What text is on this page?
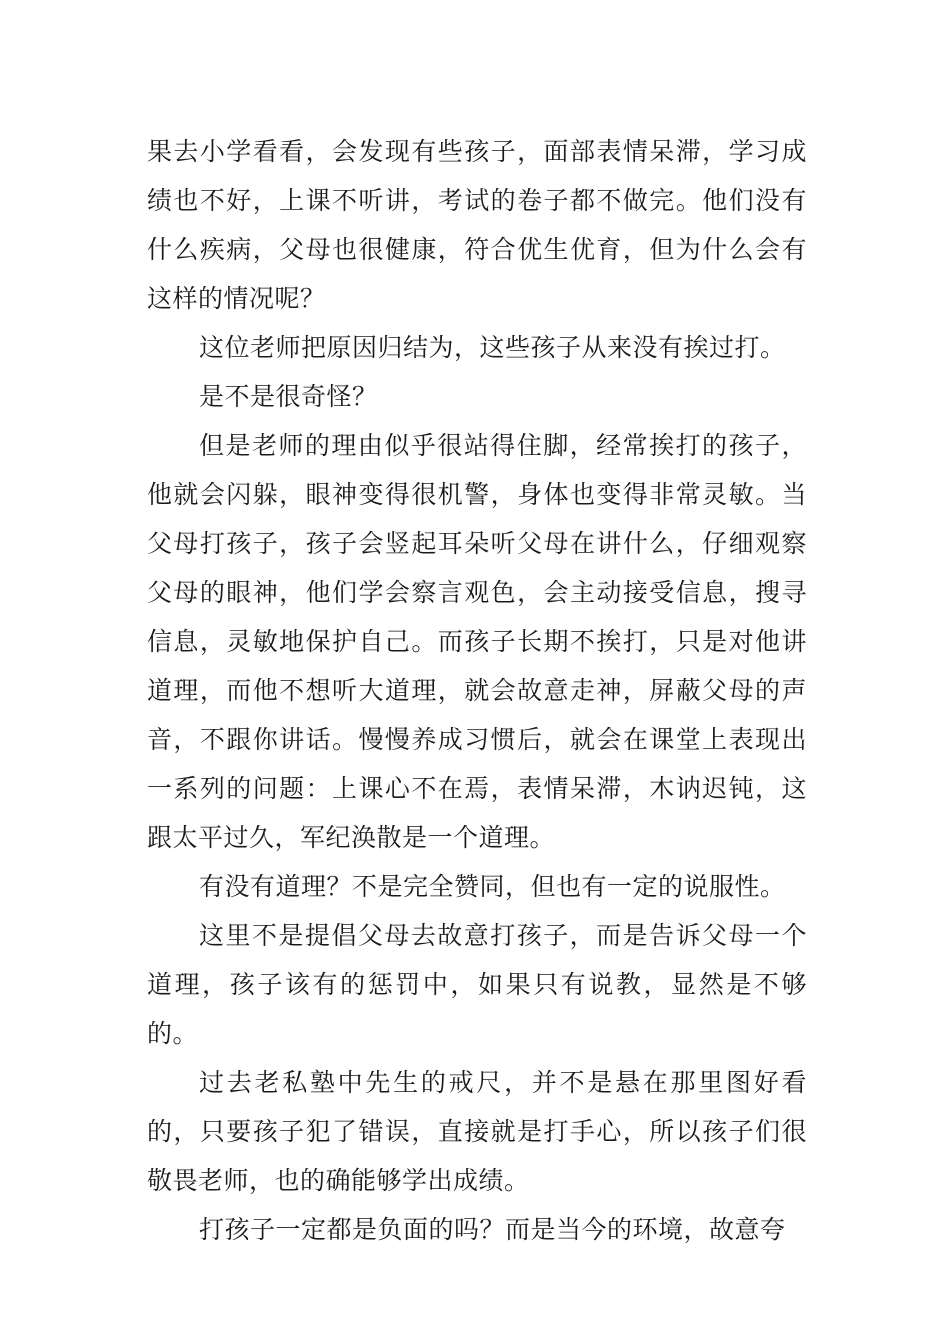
果去小学看看，会发现有些孩子，面部表情呆滞，学习成绩也不好，上课不听讲，考试的卷子都不做完。他们没有什么疾病，父母也很健康，符合优生优育，但为什么会有这样的情况呢？

这位老师把原因归结为，这些孩子从来没有挨过打。

是不是很奇怪？

但是老师的理由似乎很站得住脚，经常挨打的孩子，他就会闪躲，眼神变得很机警，身体也变得非常灵敏。当父母打孩子，孩子会竖起耳朵听父母在讲什么，仔细观察父母的眼神，他们学会察言观色，会主动接受信息，搜寻信息，灵敏地保护自己。而孩子长期不挨打，只是对他讲道理，而他不想听大道理，就会故意走神，屏蔽父母的声音，不跟你讲话。慢慢养成习惯后，就会在课堂上表现出一系列的问题：上课心不在焉，表情呆滞，木讷迟钝，这跟太平过久，军纪涣散是一个道理。

有没有道理？不是完全赞同，但也有一定的说服性。

这里不是提倡父母去故意打孩子，而是告诉父母一个道理，孩子该有的惩罚中，如果只有说教，显然是不够的。

过去老私塾中先生的戒尺，并不是悬在那里图好看的，只要孩子犯了错误，直接就是打手心，所以孩子们很敬畏老师，也的确能够学出成绩。

打孩子一定都是负面的吗？而是当今的环境，故意夸
